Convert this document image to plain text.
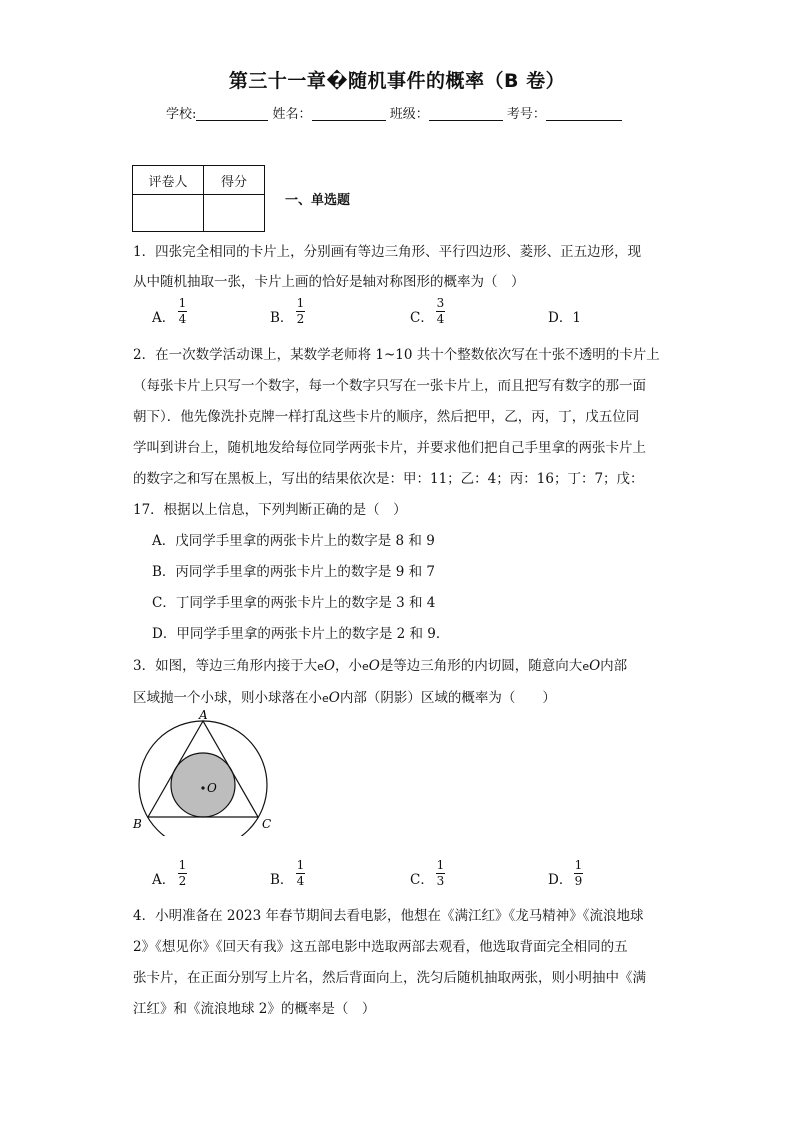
第三十一章�随机事件的概率（B 卷）
学校:	姓名：	班级：	考号：
评卷人	得分

一、单选题
1．四张完全相同的卡片上，分别画有等边三角形、平行四边形、菱形、正五边形，现
从中随机抽取一张，卡片上画的恰好是轴对称图形的概率为（　）
A．
1
4	B．
1
2	C．
3
4	D．1
2．在一次数学活动课上，某数学老师将 1~10 共十个整数依次写在十张不透明的卡片上
（每张卡片上只写一个数字，每一个数字只写在一张卡片上，而且把写有数字的那一面
朝下）．他先像洗扑克牌一样打乱这些卡片的顺序，然后把甲，乙，丙，丁，戊五位同
学叫到讲台上，随机地发给每位同学两张卡片，并要求他们把自己手里拿的两张卡片上
的数字之和写在黑板上，写出的结果依次是：甲：11；乙：4；丙：16；丁：7；戊：
17．根据以上信息，下列判断正确的是（　）
A．戊同学手里拿的两张卡片上的数字是 8 和 9
B．丙同学手里拿的两张卡片上的数字是 9 和 7
C．丁同学手里拿的两张卡片上的数字是 3 和 4
D．甲同学手里拿的两张卡片上的数字是 2 和 9．
3．如图，等边三角形内接于大eO，小eO是等边三角形的内切圆，随意向大eO内部
区域抛一个小球，则小球落在小eO内部（阴影）区域的概率为（　　）
A
B	C
O
A．
1
2	B．
1
4	C．
1
3	D．
1
9
4．小明准备在 2023 年春节期间去看电影，他想在《满江红》《龙马精神》《流浪地球
2》《想见你》《回天有我》这五部电影中选取两部去观看，他选取背面完全相同的五
张卡片，在正面分别写上片名，然后背面向上，洗匀后随机抽取两张，则小明抽中《满
江红》和《流浪地球 2》的概率是（　）
